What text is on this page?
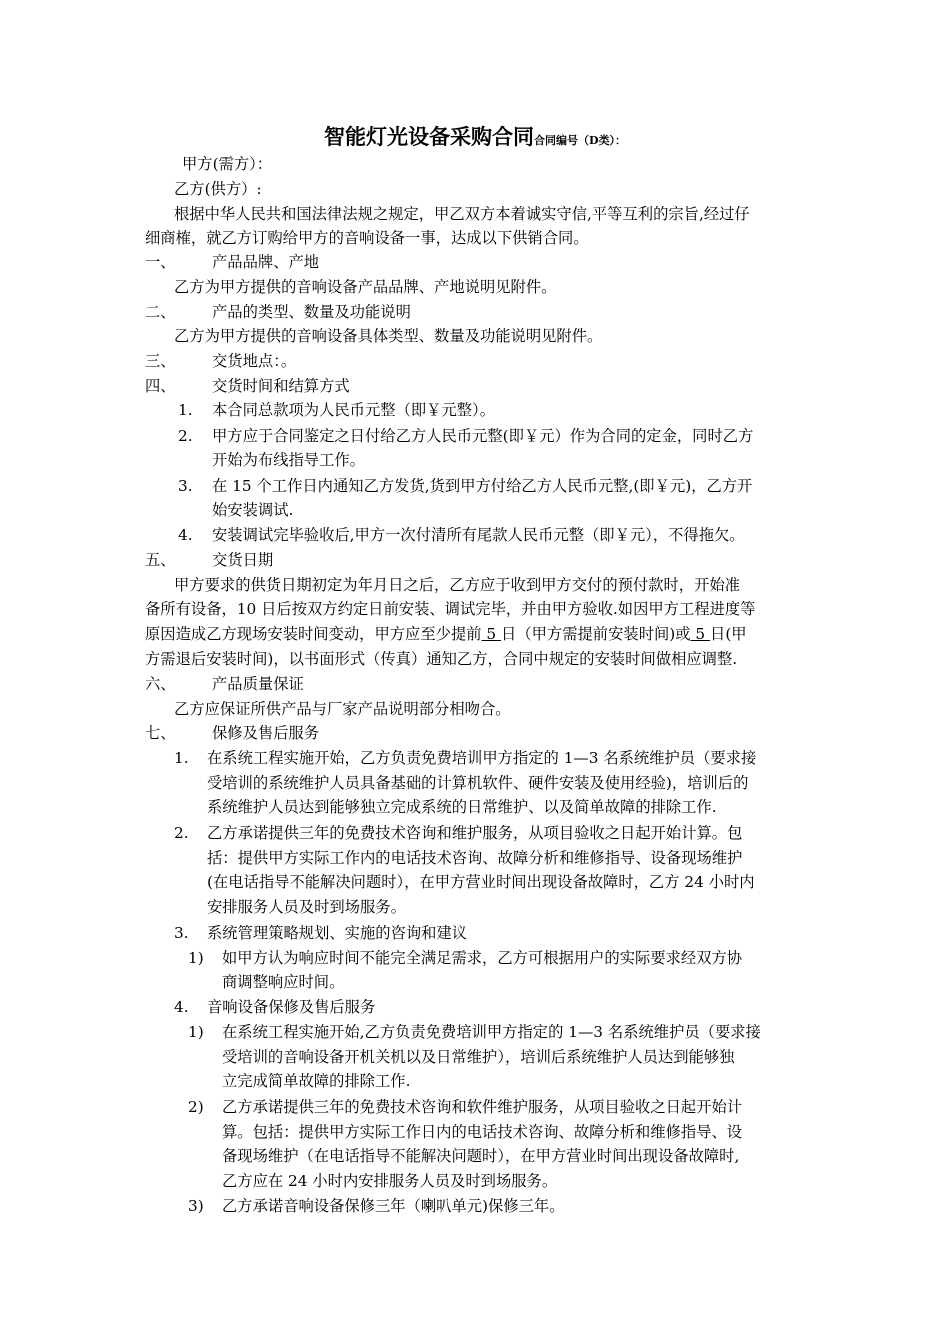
智能灯光设备采购合同合同编号（D类）：
甲方(需方）：
乙方(供方）:
根据中华人民共和国法律法规之规定，甲乙双方本着诚实守信,平等互利的宗旨,经过仔
细商榷，就乙方订购给甲方的音响设备一事，达成以下供销合同。
一、 产品品牌、产地
乙方为甲方提供的音响设备产品品牌、产地说明见附件。
二、 产品的类型、数量及功能说明
乙方为甲方提供的音响设备具体类型、数量及功能说明见附件。
三、 交货地点：。
四、 交货时间和结算方式
1. 本合同总款项为人民币元整（即￥元整）。
2. 甲方应于合同鉴定之日付给乙方人民币元整(即￥元）作为合同的定金，同时乙方
开始为布线指导工作。
3. 在 15 个工作日内通知乙方发货,货到甲方付给乙方人民币元整,(即￥元)，乙方开
始安装调试.
4. 安装调试完毕验收后,甲方一次付清所有尾款人民币元整（即￥元），不得拖欠。
五、 交货日期
甲方要求的供货日期初定为年月日之后，乙方应于收到甲方交付的预付款时，开始准
备所有设备，10 日后按双方约定日前安装、调试完毕，并由甲方验收.如因甲方工程进度等
方需退后安装时间)，以书面形式（传真）通知乙方，合同中规定的安装时间做相应调整.
六、 产品质量保证
乙方应保证所供产品与厂家产品说明部分相吻合。
七、 保修及售后服务
1. 在系统工程实施开始，乙方负责免费培训甲方指定的 1—3 名系统维护员（要求接
受培训的系统维护人员具备基础的计算机软件、硬件安装及使用经验)，培训后的
系统维护人员达到能够独立完成系统的日常维护、以及简单故障的排除工作.
2. 乙方承诺提供三年的免费技术咨询和维护服务，从项目验收之日起开始计算。包
括：提供甲方实际工作内的电话技术咨询、故障分析和维修指导、设备现场维护
(在电话指导不能解决问题时），在甲方营业时间出现设备故障时，乙方 24 小时内
安排服务人员及时到场服务。
3. 系统管理策略规划、实施的咨询和建议
1) 如甲方认为响应时间不能完全满足需求，乙方可根据用户的实际要求经双方协
商调整响应时间。
4. 音响设备保修及售后服务
1) 在系统工程实施开始,乙方负责免费培训甲方指定的 1—3 名系统维护员（要求接
受培训的音响设备开机关机以及日常维护），培训后系统维护人员达到能够独
立完成简单故障的排除工作.
2) 乙方承诺提供三年的免费技术咨询和软件维护服务，从项目验收之日起开始计
算。包括：提供甲方实际工作日内的电话技术咨询、故障分析和维修指导、设
备现场维护（在电话指导不能解决问题时），在甲方营业时间出现设备故障时,
乙方应在 24 小时内安排服务人员及时到场服务。
3) 乙方承诺音响设备保修三年（喇叭单元)保修三年。
原因造成乙方现场安装时间变动，甲方应至少提前 5 日（甲方需提前安装时间)或 5 日(甲
